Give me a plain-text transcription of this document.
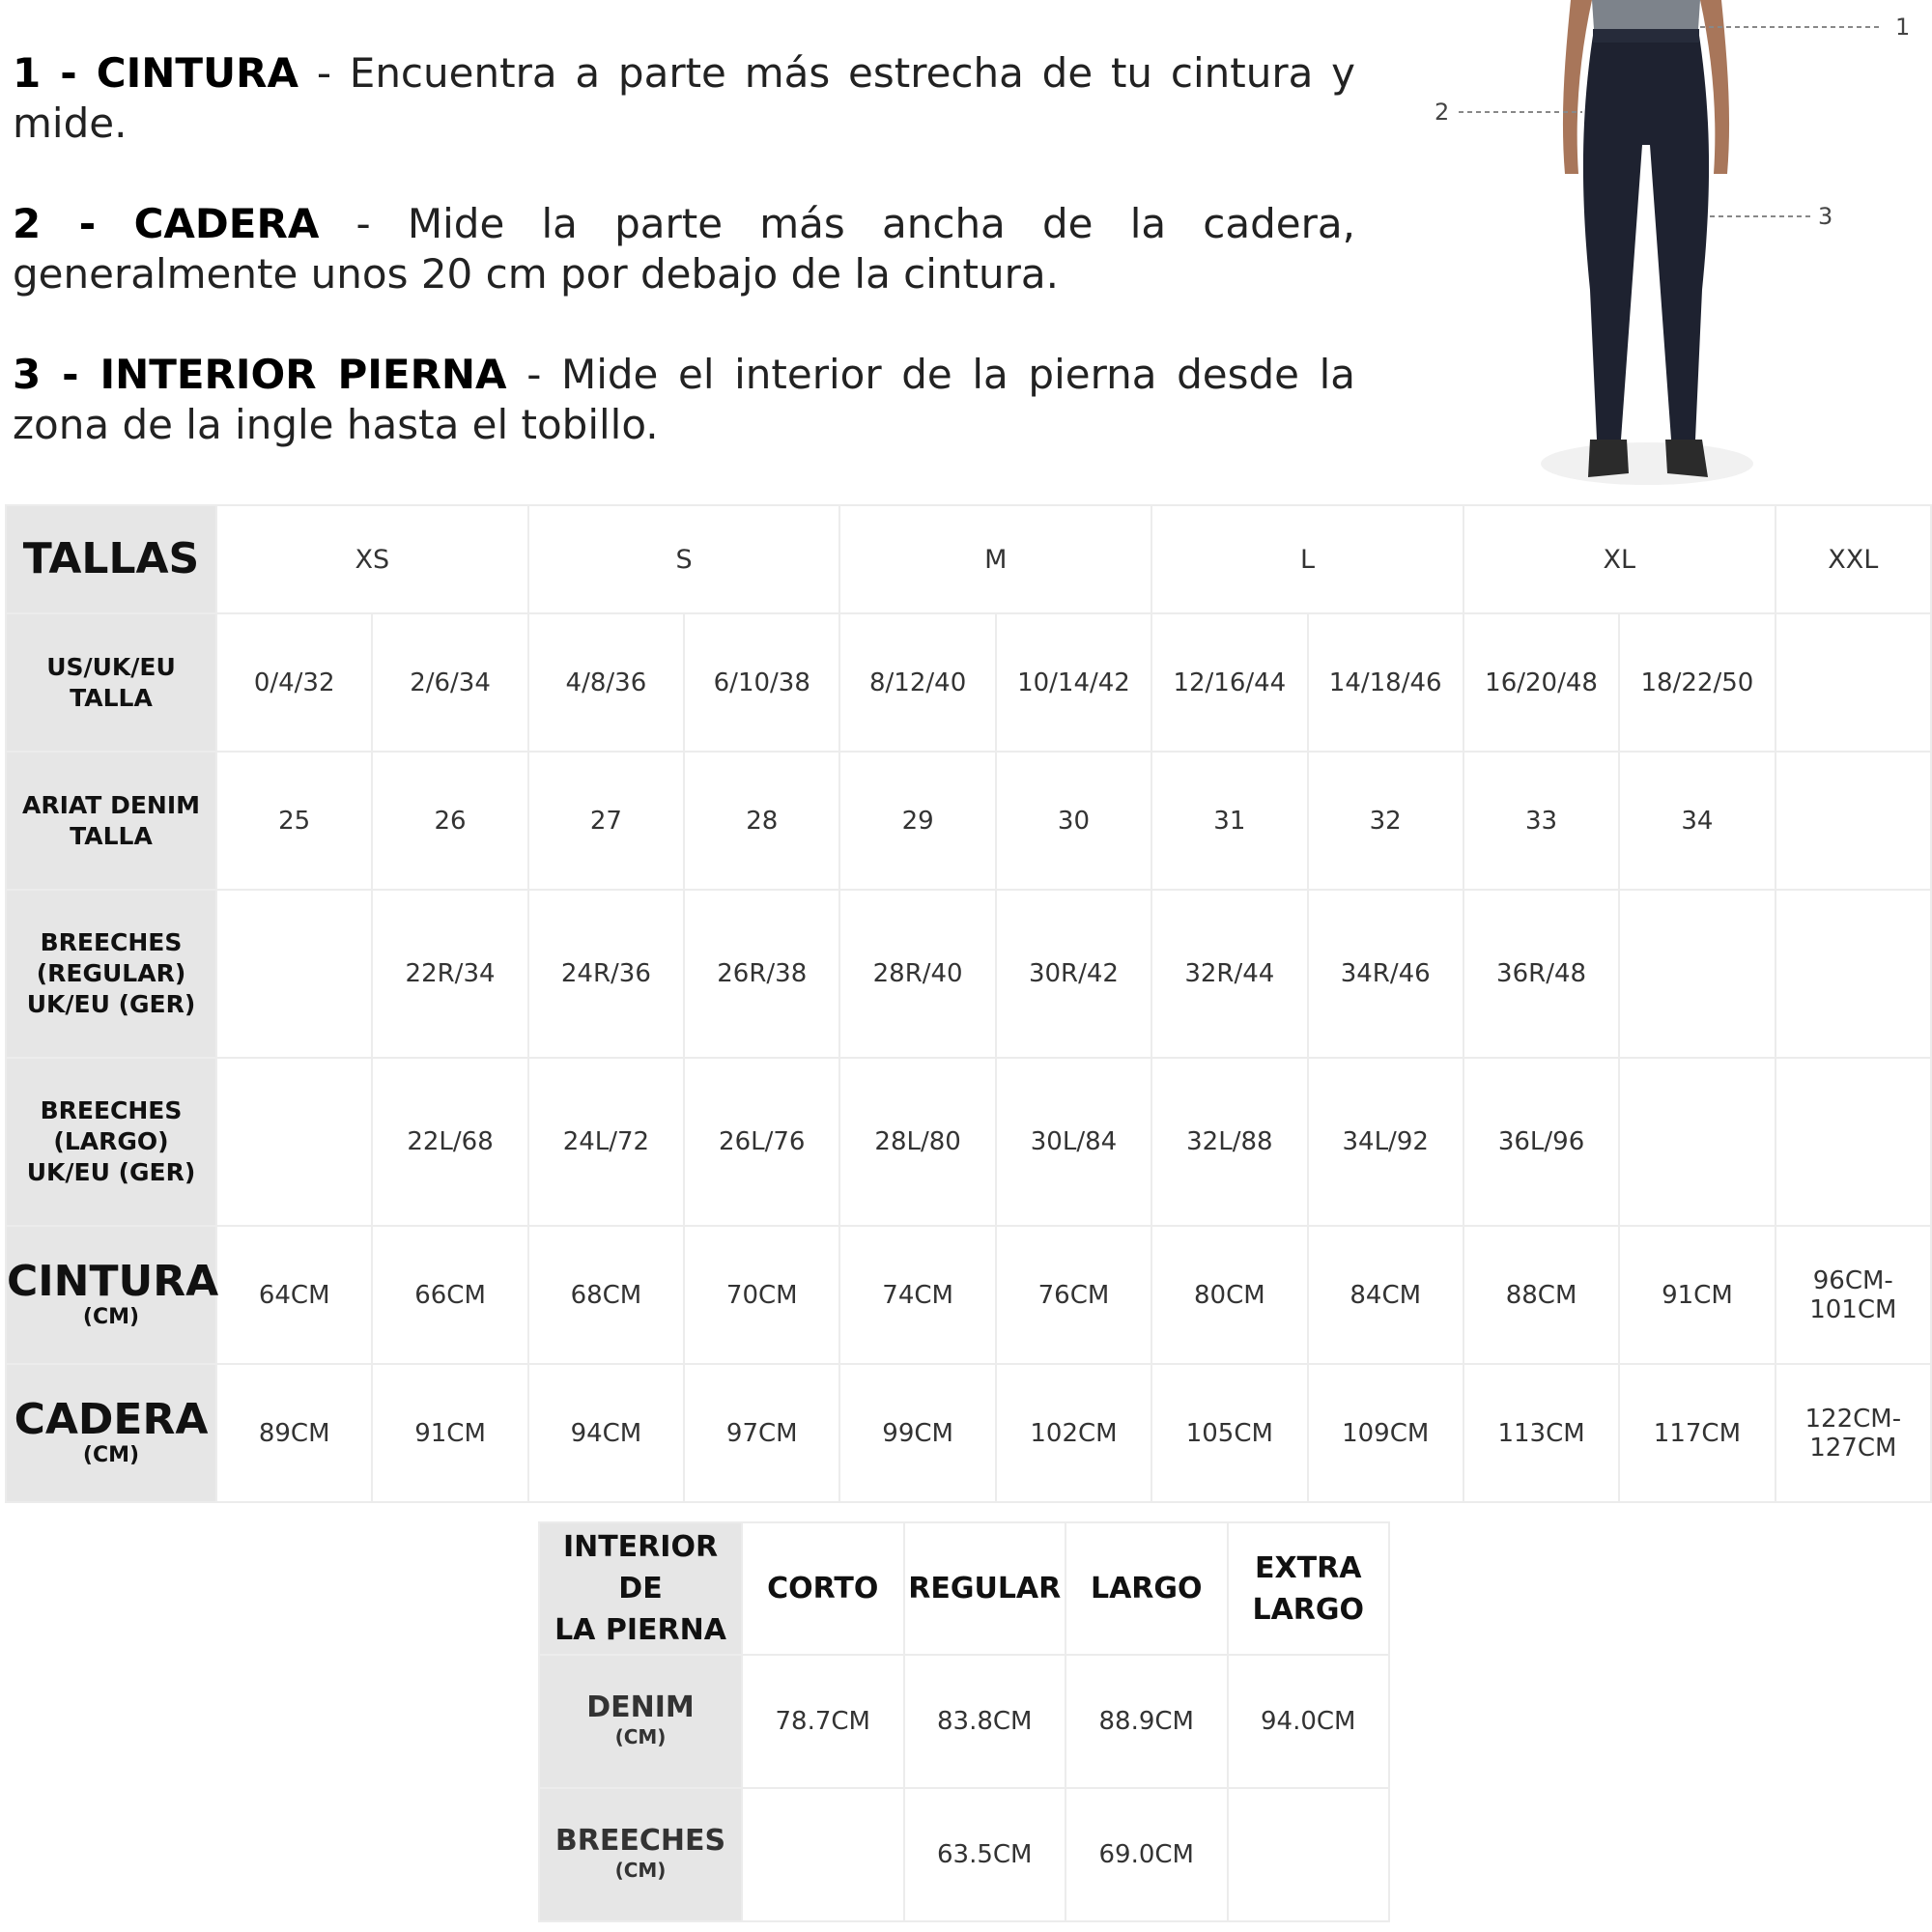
1 - CINTURA - Encuentra a parte más estrecha de tu cintura y mide.

2 - CADERA - Mide la parte más ancha de la cadera, generalmente unos 20 cm por debajo de la cintura.

3 - INTERIOR PIERNA - Mide el interior de la pierna desde la zona de la ingle hasta el tobillo.

1
2
3
TALLAS	XS		S		M		L		XL		XXL
US/UK/EU
TALLA	0/4/32	2/6/34	4/8/36	6/10/38	8/12/40	10/14/42	12/16/44	14/18/46	16/20/48	18/22/50	
ARIAT DENIM
TALLA	25	26	27	28	29	30	31	32	33	34	
BREECHES
(REGULAR)
UK/EU (GER)		22R/34	24R/36	26R/38	28R/40	30R/42	32R/44	34R/46	36R/48		
BREECHES
(LARGO)
UK/EU (GER)		22L/68	24L/72	26L/76	28L/80	30L/84	32L/88	34L/92	36L/96		

CINTURA
(CM)	64CM	66CM	68CM	70CM	74CM	76CM	80CM	84CM	88CM	91CM	96CM-
101CM

CADERA
(CM)	89CM	91CM	94CM	97CM	99CM	102CM	105CM	109CM	113CM	117CM	122CM-
127CM
INTERIOR DE
LA PIERNA	CORTO	REGULAR	LARGO	EXTRA
LARGO

DENIM
(CM)	78.7CM	83.8CM	88.9CM	94.0CM

BREECHES
(CM)		63.5CM	69.0CM	
